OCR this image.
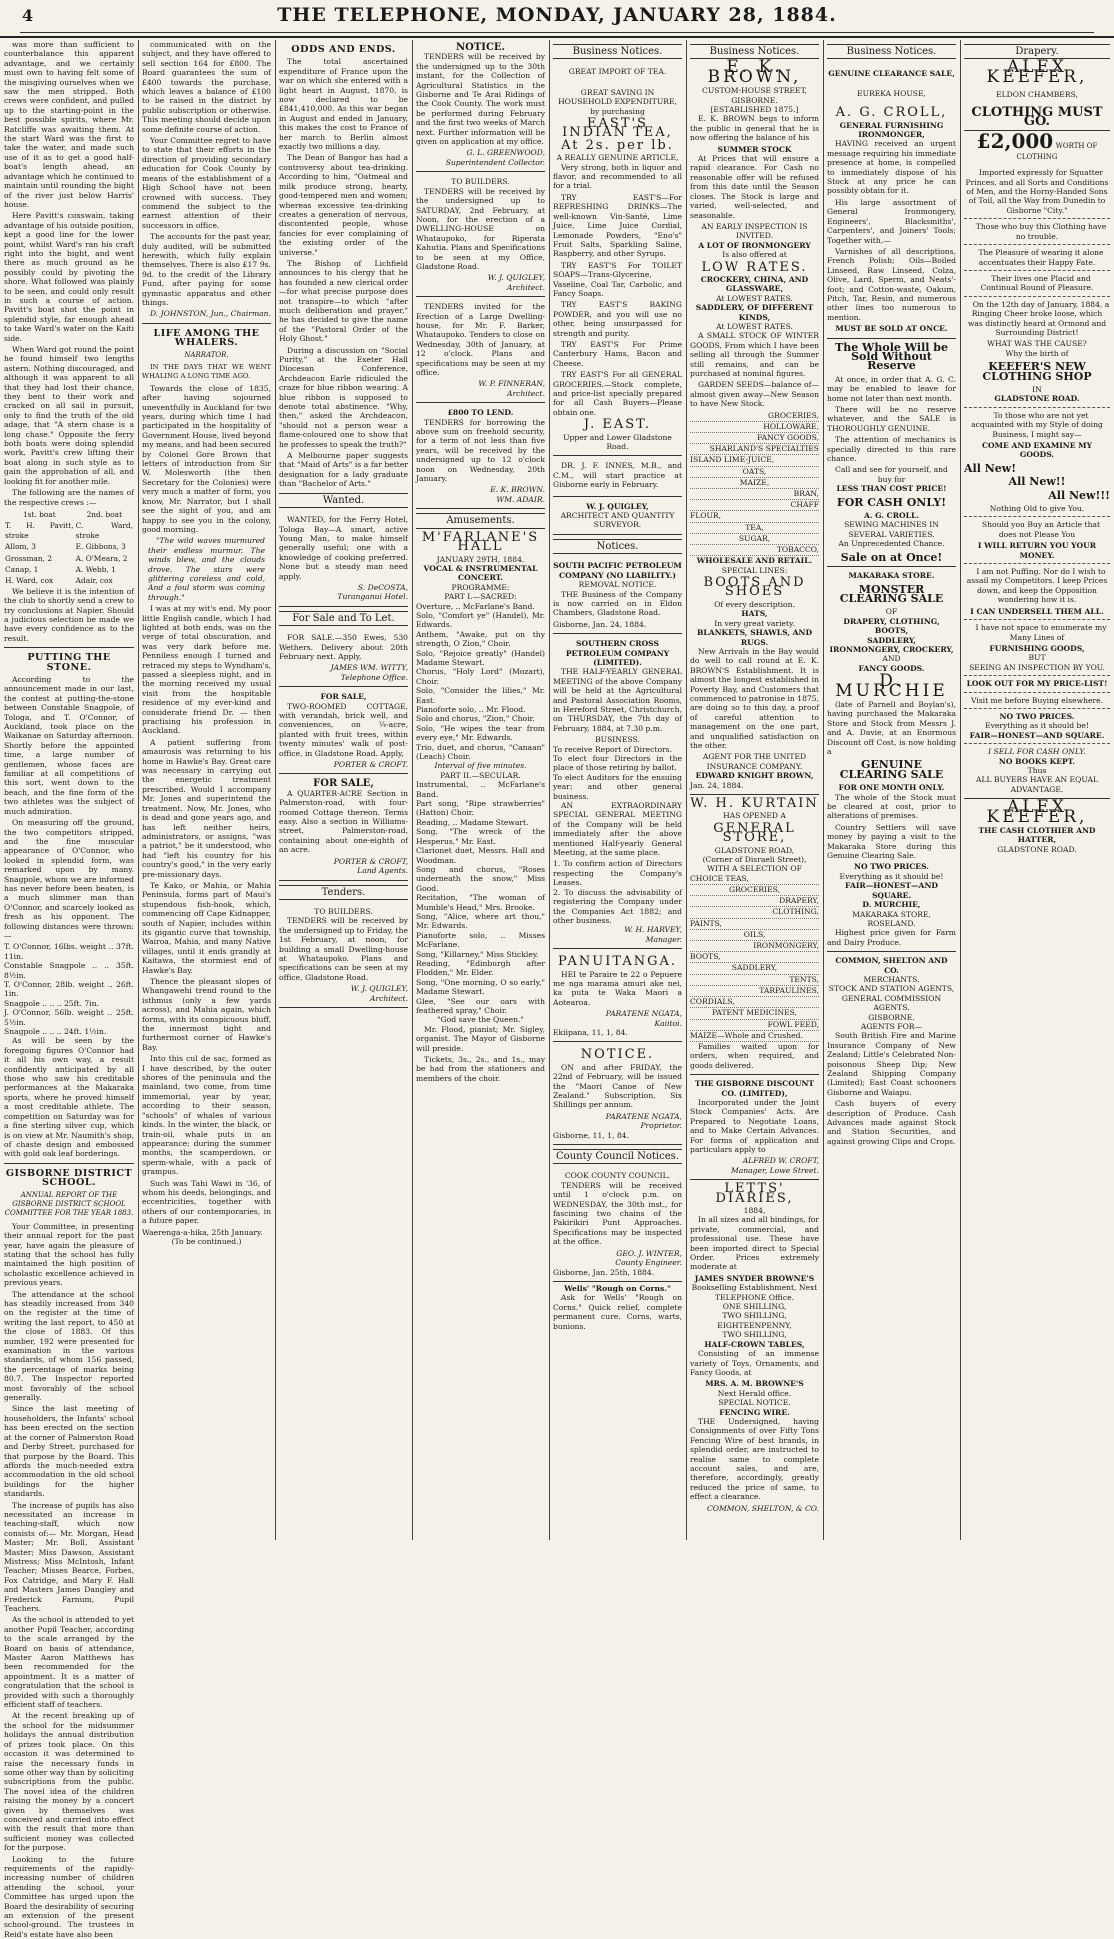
4	THE TELEPHONE, MONDAY, JANUARY 28, 1884.

was more than sufficient to counterbalance this apparent advantage, and we certainly must own to having felt some of the misgiving ourselves when we saw the men stripped. Both crews were confident, and pulled up to the starting-point in the best possible spirits, where Mr. Ratcliffe was awaiting them. At the start Ward was the first to take the water, and made such use of it as to get a good half-boat's length ahead, an advantage which he continued to maintain until rounding the bight of the river just below Harris' house.

Here Pavitt's coxswain, taking advantage of his outside position, kept a good line for the lower point, whilst Ward's ran his craft right into the bight, and went there as much ground as he possibly could by pivoting the shore. What followed was plainly to be seen, and could only result in such a course of action. Pavitt's boat shot the point in splendid style, far enough ahead to take Ward's water on the Kaiti side.

When Ward got round the point he found himself two lengths astern. Nothing discouraged, and although it was apparent to all that they had lost their chance, they bent to their work and cracked on all sail in pursuit, only to find the truth of the old adage, that "A stern chase is a long chase." Opposite the ferry both boats were doing splendid work, Pavitt's crew lifting their boat along in such style as to gain the approbation of all, and looking fit for another mile.

The following are the names of the respective crews :—

1st. boat	2nd. boat
T. H. Pavitt, stroke	C. Ward, stroke
Allom, 3	E. Gibbons, 3
Grossman, 2	A. O'Meara, 2
Canap, 1	A. Webb, 1
H. Ward, cox	Adair, cox

We believe it is the intention of the club to shortly send a crew to try conclusions at Napier. Should a judicious selection be made we have every confidence as to the result.

PUTTING THE STONE.

According to the announcement made in our last, the contest at putting-the-stone between Constable Snagpole, of Tologa, and T. O'Connor, of Auckland, took place on the Waikanae on Saturday afternoon. Shortly before the appointed time, a large number of gentlemen, whose faces are familiar at all competitions of this sort, went down to the beach, and the fine form of the two athletes was the subject of much admiration.

On measuring off the ground, the two competitors stripped, and the fine muscular appearance of O'Connor, who looked in splendid form, was remarked upon by many. Snagpole, whom we are informed has never before been beaten, is a much slimmer man than O'Connor, and scarcely looked as fresh as his opponent. The following distances were thrown:—

T. O'Connor, 16lbs. weight .. 37ft. 11in.
Constable Snagpole .. .. 35ft. 8½in.
T. O'Connor, 28lb. weight .. 26ft. 1in.
Snagpole .. .. .. 25ft. 7in.
J. O'Connor, 56lb. weight .. 25ft. 5½in.
Snagpole .. .. .. 24ft. 1½in.

As will be seen by the foregoing figures O'Connor had it all his own way, a result confidently anticipated by all those who saw his creditable performances at the Makaraka sports, where he proved himself a most creditable athlete. The competition on Saturday was for a fine sterling silver cup, which is on view at Mr. Naumith's shop, of chaste design and embossed with gold oak leaf borderings.

GISBORNE DISTRICT SCHOOL.
ANNUAL REPORT OF THE GISBORNE DISTRICT SCHOOL COMMITTEE FOR THE YEAR 1883.

Your Committee, in presenting their annual report for the past year, have again the pleasure of stating that the school has fully maintained the high position of scholastic excellence achieved in previous years.

The attendance at the school has steadily increased from 340 on the register at the time of writing the last report, to 450 at the close of 1883. Of this number, 192 were presented for examination in the various standards, of whom 156 passed, the percentage of marks being 80.7. The Inspector reported most favorably of the school generally.

Since the last meeting of householders, the Infants' school has been erected on the section at the corner of Palmerston Road and Derby Street, purchased for that purpose by the Board. This affords the much-needed extra accommodation in the old school buildings for the higher standards.

The increase of pupils has also necessitated an increase in teaching-staff, which now consists of:— Mr. Morgan, Head Master; Mr. Boll, Assistant Master; Miss Dawson, Assistant Mistress; Miss McIntosh, Infant Teacher; Misses Bearce, Forbes, Fox Catridge, and Mary F. Hall and Masters James Dangley and Frederick Farnum, Pupil Teachers.

As the school is attended to yet another Pupil Teacher, according to the scale arranged by the Board on basis of attendance, Master Aaron Matthews has been recommended for the appointment. It is a matter of congratulation that the school is provided with such a thoroughly efficient staff of teachers.

At the recent breaking up of the school for the midsummer holidays the annual distribution of prizes took place. On this occasion it was determined to raise the necessary funds in some other way than by soliciting subscriptions from the public. The novel idea of the children raising the money by a concert given by themselves was conceived and carried into effect with the result that more than sufficient money was collected for the purpose.

Looking to the future requirements of the rapidly-increasing number of children attending the school, your Committee has urged upon the Board the desirability of securing an extension of the present school-ground. The trustees in Reid's estate have also been

communicated with on the subject, and they have offered to sell section 164 for £800. The Board guarantees the sum of £400 towards the purchase, which leaves a balance of £100 to be raised in the district by public subscription or otherwise. This meeting should decide upon some definite course of action.

Your Committee regret to have to state that their efforts in the direction of providing secondary education for Cook County by means of the establishment of a High School have not been crowned with success. They commend the subject to the earnest attention of their successors in office.

The accounts for the past year, duly audited, will be submitted herewith, which fully explain themselves. There is also £17 9s. 9d. to the credit of the Library Fund, after paying for some gymnastic apparatus and other things.

D. JOHNSTON, Jun., Chairman.
LIFE AMONG THE WHALERS.
NARRATOR.

IN THE DAYS THAT WE WENT WHALING A LONG TIME AGO.

Towards the close of 1835, after having sojourned uneventfully in Auckland for two years, during which time I had participated in the hospitality of Government House, lived beyond my means, and had been secured by Colonel Gore Brown that letters of introduction from Sir W. Molesworth (the then Secretary for the Colonies) were very much a matter of form, you know, Mr. Narrator, but I shall see the sight of you, and am happy to see you in the colony, good morning.

"The wild waves murmured their endless murmur. The winds blew, and the clouds drove. The stars were glittering careless and cold, And a foul storm was coming through."

I was at my wit's end. My poor little English candle, which I had lighted at both ends, was on the verge of total obscuration, and was very dark before me. Penniless enough I turned and retraced my steps to Wyndham's, passed a sleepless night, and in the morning received my usual visit from the hospitable residence of my ever-kind and considerate friend Dr. — then practising his profession in Auckland.

A patient suffering from amaurosis was returning to his home in Hawke's Bay. Great care was necessary in carrying out the energetic treatment prescribed. Would I accompany Mr. Jones and superintend the treatment. Now, Mr. Jones, who is dead and gone years ago, and has left neither heirs, administrators, or assigns, "was a patriot," be it understood, who had "left his country for his country's good," in the very early pre-missionary days.

Te Kako, or Mahia, or Mahia Peninsula, forms part of Maui's stupendous fish-hook, which, commencing off Cape Kidnapper, south of Napier, includes within its gigantic curve that township, Wairoa, Mahia, and many Native villages, until it ends grandly at Kaitawa, the stormiest end of Hawke's Bay.

Thence the pleasant slopes of Whangawehi trend round to the isthmus (only a few yards across), and Mahia again, which forms, with its conspicuous bluff, the innermost tight and furthermost corner of Hawke's Bay.

Into this cul de sac, formed as I have described, by the outer shores of the peninsula and the mainland, two come, from time immemorial, year by year, according to their season, "schools" of whales of various kinds. In the winter, the black, or train-oil, whale puts in an appearance; during the summer months, the scamperdown, or sperm-whale, with a pack of grampus.

Such was Tahi Wawi in '36, of whom his deeds, belongings, and eccentricities, together with others of our contemporaries, in a future paper.

Waerenga-a-hika, 25th January.
(To be continued.)
ODDS AND ENDS.

The total ascertained expenditure of France upon the war on which she entered with a light heart in August, 1870, is now declared to be £841,410,000. As this war began in August and ended in January, this makes the cost to France of her march to Berlin almost exactly two millions a day.

The Dean of Bangor has had a controversy about tea-drinking. According to him, "Oatmeal and milk produce strong, hearty, good-tempered men and women; whereas excessive tea-drinking creates a generation of nervous, discontented people, whose fancies for ever complaining of the existing order of the universe."

The Bishop of Lichfield announces to his clergy that he has founded a new clerical order—for what precise purpose does not transpire—to which "after much deliberation and prayer," he has decided to give the name of the "Pastoral Order of the Holy Ghost."

During a discussion on "Social Purity," at the Exeter Hall Diocesan Conference, Archdeacon Earle ridiculed the craze for blue ribbon wearing. A blue ribbon is supposed to denote total abstinence. "Why, then," asked the Archdeacon, "should not a person wear a flame-coloured one to show that he professes to speak the truth?"

A Melbourne paper suggests that "Maid of Arts" is a far better designation for a lady graduate than "Bachelor of Arts."

Wanted.

WANTED, for the Ferry Hotel, Tologa Bay—A smart, active Young Man, to make himself generally useful; one with a knowledge of cooking preferred. None but a steady man need apply.

S. DeCOSTA,
Turanganui Hotel.
For Sale and To Let.

FOR SALE.—350 Ewes, 530 Wethers. Delivery about 20th February next. Apply,

JAMES WM. WITTY,
Telephone Office.
FOR SALE,

TWO-ROOMED COTTAGE, with verandah, brick well, and conveniences, on ¼-acre, planted with fruit trees, within twenty minutes' walk of post-office, in Gladstone Road. Apply,

PORTER & CROFT.
FOR SALE,

A QUARTER-ACRE Section in Palmerston-road, with four-roomed Cottage thereon. Terms easy. Also a section in Williams-street, Palmerston-road, containing about one-eighth of an acre.

PORTER & CROFT,
Land Agents.
Tenders.
TO BUILDERS.

TENDERS will be received by the undersigned up to Friday, the 1st February, at noon, for building a small Dwelling-house at Whataupoko. Plans and specifications can be seen at my office, Gladstone Road.

W. J. QUIGLEY,
Architect.
NOTICE.

TENDERS will be received by the undersigned up to the 30th instant, for the Collection of Agricultural Statistics in the Gisborne and Te Arai Ridings of the Cook County. The work must be performed during February and the first two weeks of March next. Further information will be given on application at my office.

G. L. GREENWOOD,
Superintendent Collector.
TO BUILDERS.

TENDERS will be received by the undersigned up to SATURDAY, 2nd February, at Noon, for the erection of a DWELLING-HOUSE on Whataupoko, for Riperata Kahutia. Plans and Specifications to be seen at my Office, Gladstone Road.

W. J. QUIGLEY,
Architect.

TENDERS invited for the Erection of a Large Dwelling-house, for Mr. F. Barker, Whataupoko. Tenders to close on Wednesday, 30th of January, at 12 o'clock. Plans and specifications may be seen at my office.

W. P. FINNERAN,
Architect.
£800 TO LEND.

TENDERS for borrowing the above sum on freehold security, for a term of not less than five years, will be received by the undersigned up to 12 o'clock noon on Wednesday, 20th January.

E. K. BROWN.
WM. ADAIR.
Amusements.
M'FARLANE'S HALL
JANUARY 29TH, 1884.
VOCAL & INSTRUMENTAL CONCERT.
PROGRAMME:
PART I.—SACRED:
Overture, .. McFarlane's Band.
Solo, "Comfort ye" (Handel), Mr. Edwards.
Anthem, "Awake, put on thy strength, O Zion," Choir.
Solo, "Rejoice greatly" (Handel) Madame Stewart.
Chorus, "Holy Lord" (Mozart), Choir.
Solo, "Consider the lilies," Mr. East.
Pianoforte solo, .. Mr. Flood.
Solo and chorus, "Zion," Choir.
Solo, "He wipes the tear from every eye," Mr. Edwards.
Trio, duet, and chorus, "Canaan" (Leach) Choir.
Interval of five minutes.
PART II.—SECULAR.
Instrumental, .. McFarlane's Band.
Part song, "Ripe strawberries" (Hatton) Choir.
Reading, .. Madame Stewart.
Song, "The wreck of the Hesperus," Mr. East.
Clarionet duet, Messrs. Hall and Woodman.
Song and chorus, "Roses underneath the snow," Miss Good.
Recitation, "The woman of Mumble's Head," Mrs. Brooke.
Song, "Alice, where art thou," Mr. Edwards.
Pianoforte solo, .. Misses McFarlane.
Song, "Killarney," Miss Stickley.
Reading, "Edinburgh after Flodden," Mr. Elder.
Song, "One morning, O so early," Madame Stewart.
Glee, "See our oars with feathered spray," Choir.
"God save the Queen."

Mr. Flood, pianist; Mr. Sigley, organist. The Mayor of Gisborne will preside.

Tickets, 3s., 2s., and 1s., may be had from the stationers and members of the choir.

Business Notices.
GREAT IMPORT OF TEA.
GREAT SAVING IN HOUSEHOLD EXPENDITURE, by purchasing
EAST'S INDIAN TEA,
At 2s. per lb.
A REALLY GENUINE ARTICLE,

Very strong, both in liquor and flavor, and recommended to all for a trial.

TRY EAST'S—For REFRESHING DRINKS—The well-known Vin-Santé, Lime Juice, Lime Juice Cordial, Lemonade Powders, "Eno's" Fruit Salts, Sparkling Saline, Raspberry, and other Syrups.

TRY EAST'S For TOILET SOAPS—Trans-Glycerine, Vaseline, Coal Tar, Carbolic, and Fancy Soaps.

TRY EAST'S BAKING POWDER, and you will use no other, being unsurpassed for strength and purity.

TRY EAST'S For Prime Canterbury Hams, Bacon and Cheese.

TRY EAST'S For all GENERAL GROCERIES.—Stock complete, and price-list specially prepared for all Cash Buyers—Please obtain one.

J. EAST.
Upper and Lower Gladstone Road.

DR. J. F. INNES, M.B., and C.M., will start practice at Gisborne early in February.

W. J. QUIGLEY,
ARCHITECT AND QUANTITY SURVEYOR.
Notices.
SOUTH PACIFIC PETROLEUM COMPANY (NO LIABILITY.)
REMOVAL NOTICE.

THE Business of the Company is now carried on in Eldon Chambers, Gladstone Road.

Gisborne, Jan. 24, 1884.
SOUTHERN CROSS PETROLEUM COMPANY (LIMITED).

THE HALF-YEARLY GENERAL MEETING of the above Company will be held at the Agricultural and Pastoral Association Rooms, in Hereford Street, Christchurch, on THURSDAY, the 7th day of February, 1884, at 7.30 p.m.

BUSINESS.
To receive Report of Directors.
To elect four Directors in the place of those retiring by ballot.
To elect Auditors for the ensuing year; and other general business.

AN EXTRAORDINARY SPECIAL GENERAL MEETING of the Company will be held immediately after the above mentioned Half-yearly General Meeting, at the same place.

1. To confirm action of Directors respecting the Company's Leases.
2. To discuss the advisability of registering the Company under the Companies Act 1882; and other business.
W. H. HARVEY,
Manager.
PANUITANGA.

HEI te Paraire te 22 o Pepuere me nga marama amuri ake nei, ka puta te Waka Maori a Aotearoa.

PARATENE NGATA,
Kaiitoi.
Ekiipana, 11, 1, 84.
NOTICE.

ON and after FRIDAY, the 22nd of February, will be issued the "Maori Canoe of New Zealand." Subscription, Six Shillings per annum.

PARATENE NGATA,
Proprietor.
Gisborne, 11, 1, 84.
County Council Notices.
COOK COUNTY COUNCIL.

TENDERS will be received until 1 o'clock p.m. on WEDNESDAY, the 30th inst., for fascining two chains of the Pakirikiri Punt Approaches. Specifications may be inspected at the office.

GEO. J. WINTER,
County Engineer.
Gisborne, Jan. 25th, 1884.
Wells' "Rough on Corns."

Ask for Wells' "Rough on Corns." Quick relief, complete permanent cure. Corns, warts, bunions.

Business Notices.
E. K. BROWN,
CUSTOM-HOUSE STREET, GISBORNE.
[ESTABLISHED 1875.]

E. K. BROWN begs to inform the public in general that he is now offering the balance of his

SUMMER STOCK

At Prices that will ensure a rapid clearance. For Cash no reasonable offer will be refused from this date until the Season closes. The Stock is large and varied, well-selected, and seasonable.

AN EARLY INSPECTION IS INVITED.
A LOT OF IRONMONGERY
Is also offered at
LOW RATES.
CROCKERY, CHINA, AND GLASSWARE,
At LOWEST RATES.
SADDLERY, OF DIFFERENT KINDS,
At LOWEST RATES.

A SMALL STOCK OF WINTER GOODS, From which I have been selling all through the Summer still remains, and can be purchased at nominal figures.

GARDEN SEEDS—balance of—almost given away—New Season to have New Stock.

GROCERIES,
HOLLOWARE,
FANCY GOODS,
SHARLAND'S SPECIALTIES
ISLAND LIME-JUICE,
OATS,
MAIZE,
BRAN,
CHAFF
FLOUR,
TEA,
SUGAR,
TOBACCO,
WHOLESALE AND RETAIL.
SPECIAL LINES:
BOOTS AND SHOES
Of every description.
HATS,
In very great variety.
BLANKETS, SHAWLS, AND RUGS.

New Arrivals in the Bay would do well to call round at E. K. BROWN'S Establishment. It is almost the longest established in Poverty Bay, and Customers that commenced to patronise in 1875, are doing so to this day, a proof of careful attention to management on the one part, and unqualified satisfaction on the other.

AGENT FOR THE UNITED INSURANCE COMPANY.
EDWARD KNIGHT BROWN,
Jan. 24, 1884.
W. H. KURTAIN
HAS OPENED A
GENERAL STORE,
GLADSTONE ROAD,
(Corner of Disraeli Street),
WITH A SELECTION OF
CHOICE TEAS,
GROCERIES,
DRAPERY,
CLOTHING,
PAINTS,
OILS,
IRONMONGERY,
BOOTS,
SADDLERY,
TENTS,
TARPAULINES,
CORDIALS,
PATENT MEDICINES,
FOWL FEED,
MAIZE—Whole and Crushed.

Families waited upon for orders, when required, and goods delivered.

THE GISBORNE DISCOUNT CO. (LIMITED),

Incorporated under the Joint Stock Companies' Acts. Are Prepared to Negotiate Loans, and to Make Certain Advances. For forms of application and particulars apply to

ALFRED W. CROFT,
Manager, Lowe Street.
LETTS' DIARIES,
1884,

In all sizes and all bindings, for private, commercial, and professional use. These have been imported direct to Special Order. Prices extremely moderate at

JAMES SNYDER BROWNE'S
Bookselling Establishment, Next TELEPHONE Office.
ONE SHILLING,
TWO SHILLING,
EIGHTEENPENNY,
TWO SHILLING,
HALF-CROWN TABLES,

Consisting of an immense variety of Toys, Ornaments, and Fancy Goods, at

MRS. A. M. BROWNE'S
Next Herald office.
SPECIAL NOTICE.
FENCING WIRE.

THE Undersigned, having Consignments of over Fifty Tons Fencing Wire of best brands, in splendid order, are instructed to realise same to complete account sales, and are, therefore, accordingly, greatly reduced the price of same, to effect a clearance.

COMMON, SHELTON, & CO.
Business Notices.
GENUINE CLEARANCE SALE,
EUREKA HOUSE,
A. G. CROLL,
GENERAL FURNISHING IRONMONGER,

HAVING received an urgent message requiring his immediate presence at home, is compelled to immediately dispose of his Stock at any price he can possibly obtain for it.

His large assortment of General Ironmongery, Engineers', Blacksmiths', Carpenters', and Joiners' Tools; Together with,—

Varnishes of all descriptions, French Polish; Oils—Boiled Linseed, Raw Linseed, Colza, Olive, Lard, Sperm, and Neats'-foot; and Cotton-waste, Oakum, Pitch, Tar, Resin, and numerous other lines too numerous to mention.

MUST BE SOLD AT ONCE.
The Whole Will be Sold Without Reserve

At once, in order that A. G. C. may be enabled to leave for home not later than next month.

There will be no reserve whatever, and the SALE is THOROUGHLY GENUINE.

The attention of mechanics is specially directed to this rare chance.

Call and see for yourself, and buy for
LESS THAN COST PRICE!
FOR CASH ONLY!
A. G. CROLL.
SEWING MACHINES IN SEVERAL VARIETIES.
An Unprecedented Chance.
Sale on at Once!
MAKARAKA STORE.
MONSTER CLEARING SALE
OF
DRAPERY, CLOTHING, BOOTS,
SADDLERY,
IRONMONGERY, CROCKERY,
AND
FANCY GOODS.
D. MURCHIE

(late of Parnell and Boylan's), having purchased the Makaraka Store and Stock from Messrs J. and A. Davie, at an Enormous Discount off Cost, is now holding a

GENUINE CLEARING SALE
FOR ONE MONTH ONLY.

The whole of the Stock must be cleared at cost, prior to alterations of premises.

Country Settlers will save money by paying a visit to the Makaraka Store during this Genuine Clearing Sale.

NO TWO PRICES.
Everything as it should be!
FAIR—HONEST—AND SQUARE.
D. MURCHIE,
MAKARAKA STORE, ROSELAND.

Highest price given for Farm and Dairy Produce.

COMMON, SHELTON AND CO.
MERCHANTS,
STOCK AND STATION AGENTS,
GENERAL COMMISSION AGENTS.
GISBORNE.
AGENTS FOR—

South British Fire and Marine Insurance Company of New Zealand; Little's Celebrated Non-poisonous Sheep Dip; New Zealand Shipping Company (Limited); East Coast schooners Gisborne and Waiapu.

Cash buyers of every description of Produce. Cash Advances made against Stock and Station Securities, and against growing Clips and Crops.

Drapery.
ALEX KEEFER,
ELDON CHAMBERS,
CLOTHING MUST GO.
£2,000 WORTH OF CLOTHING

Imported expressly for Squatter Princes, and all Sorts and Conditions of Men, and the Horny-Handed Sons of Toil, all the Way from Dunedin to Gisborne "City."

Those who buy this Clothing have no trouble.

The Pleasure of wearing it alone accentuates their Happy Fate.

Their lives one Placid and Continual Round of Pleasure.

On the 12th day of January, 1884, a Ringing Cheer broke loose, which was distinctly heard at Ormond and Surrounding District!

WHAT WAS THE CAUSE?
Why the birth of
KEEFER'S NEW CLOTHING SHOP
IN
GLADSTONE ROAD.

To those who are not yet acquainted with my Style of doing Business, I might say—

COME AND EXAMINE MY GOODS.
All New!
All New!!
All New!!!
Nothing Old to give You.

Should you Buy an Article that does not Please You

I WILL RETURN YOU YOUR MONEY.

I am not Puffing. Nor do I wish to assail my Competitors. I keep Prices down, and keep the Opposition wondering how it is.

I CAN UNDERSELL THEM ALL.

I have not space to enumerate my Many Lines of

FURNISHING GOODS,
BUT
SEEING AN INSPECTION BY YOU.
LOOK OUT FOR MY PRICE-LIST!
Visit me before Buying elsewhere.
NO TWO PRICES.
Everything as it should be!
FAIR—HONEST—AND SQUARE.
I SELL FOR CASH ONLY.
NO BOOKS KEPT.
Thus
ALL BUYERS HAVE AN EQUAL ADVANTAGE.
ALEX KEEFER,
THE CASH CLOTHIER AND HATTER,
GLADSTONE ROAD.
